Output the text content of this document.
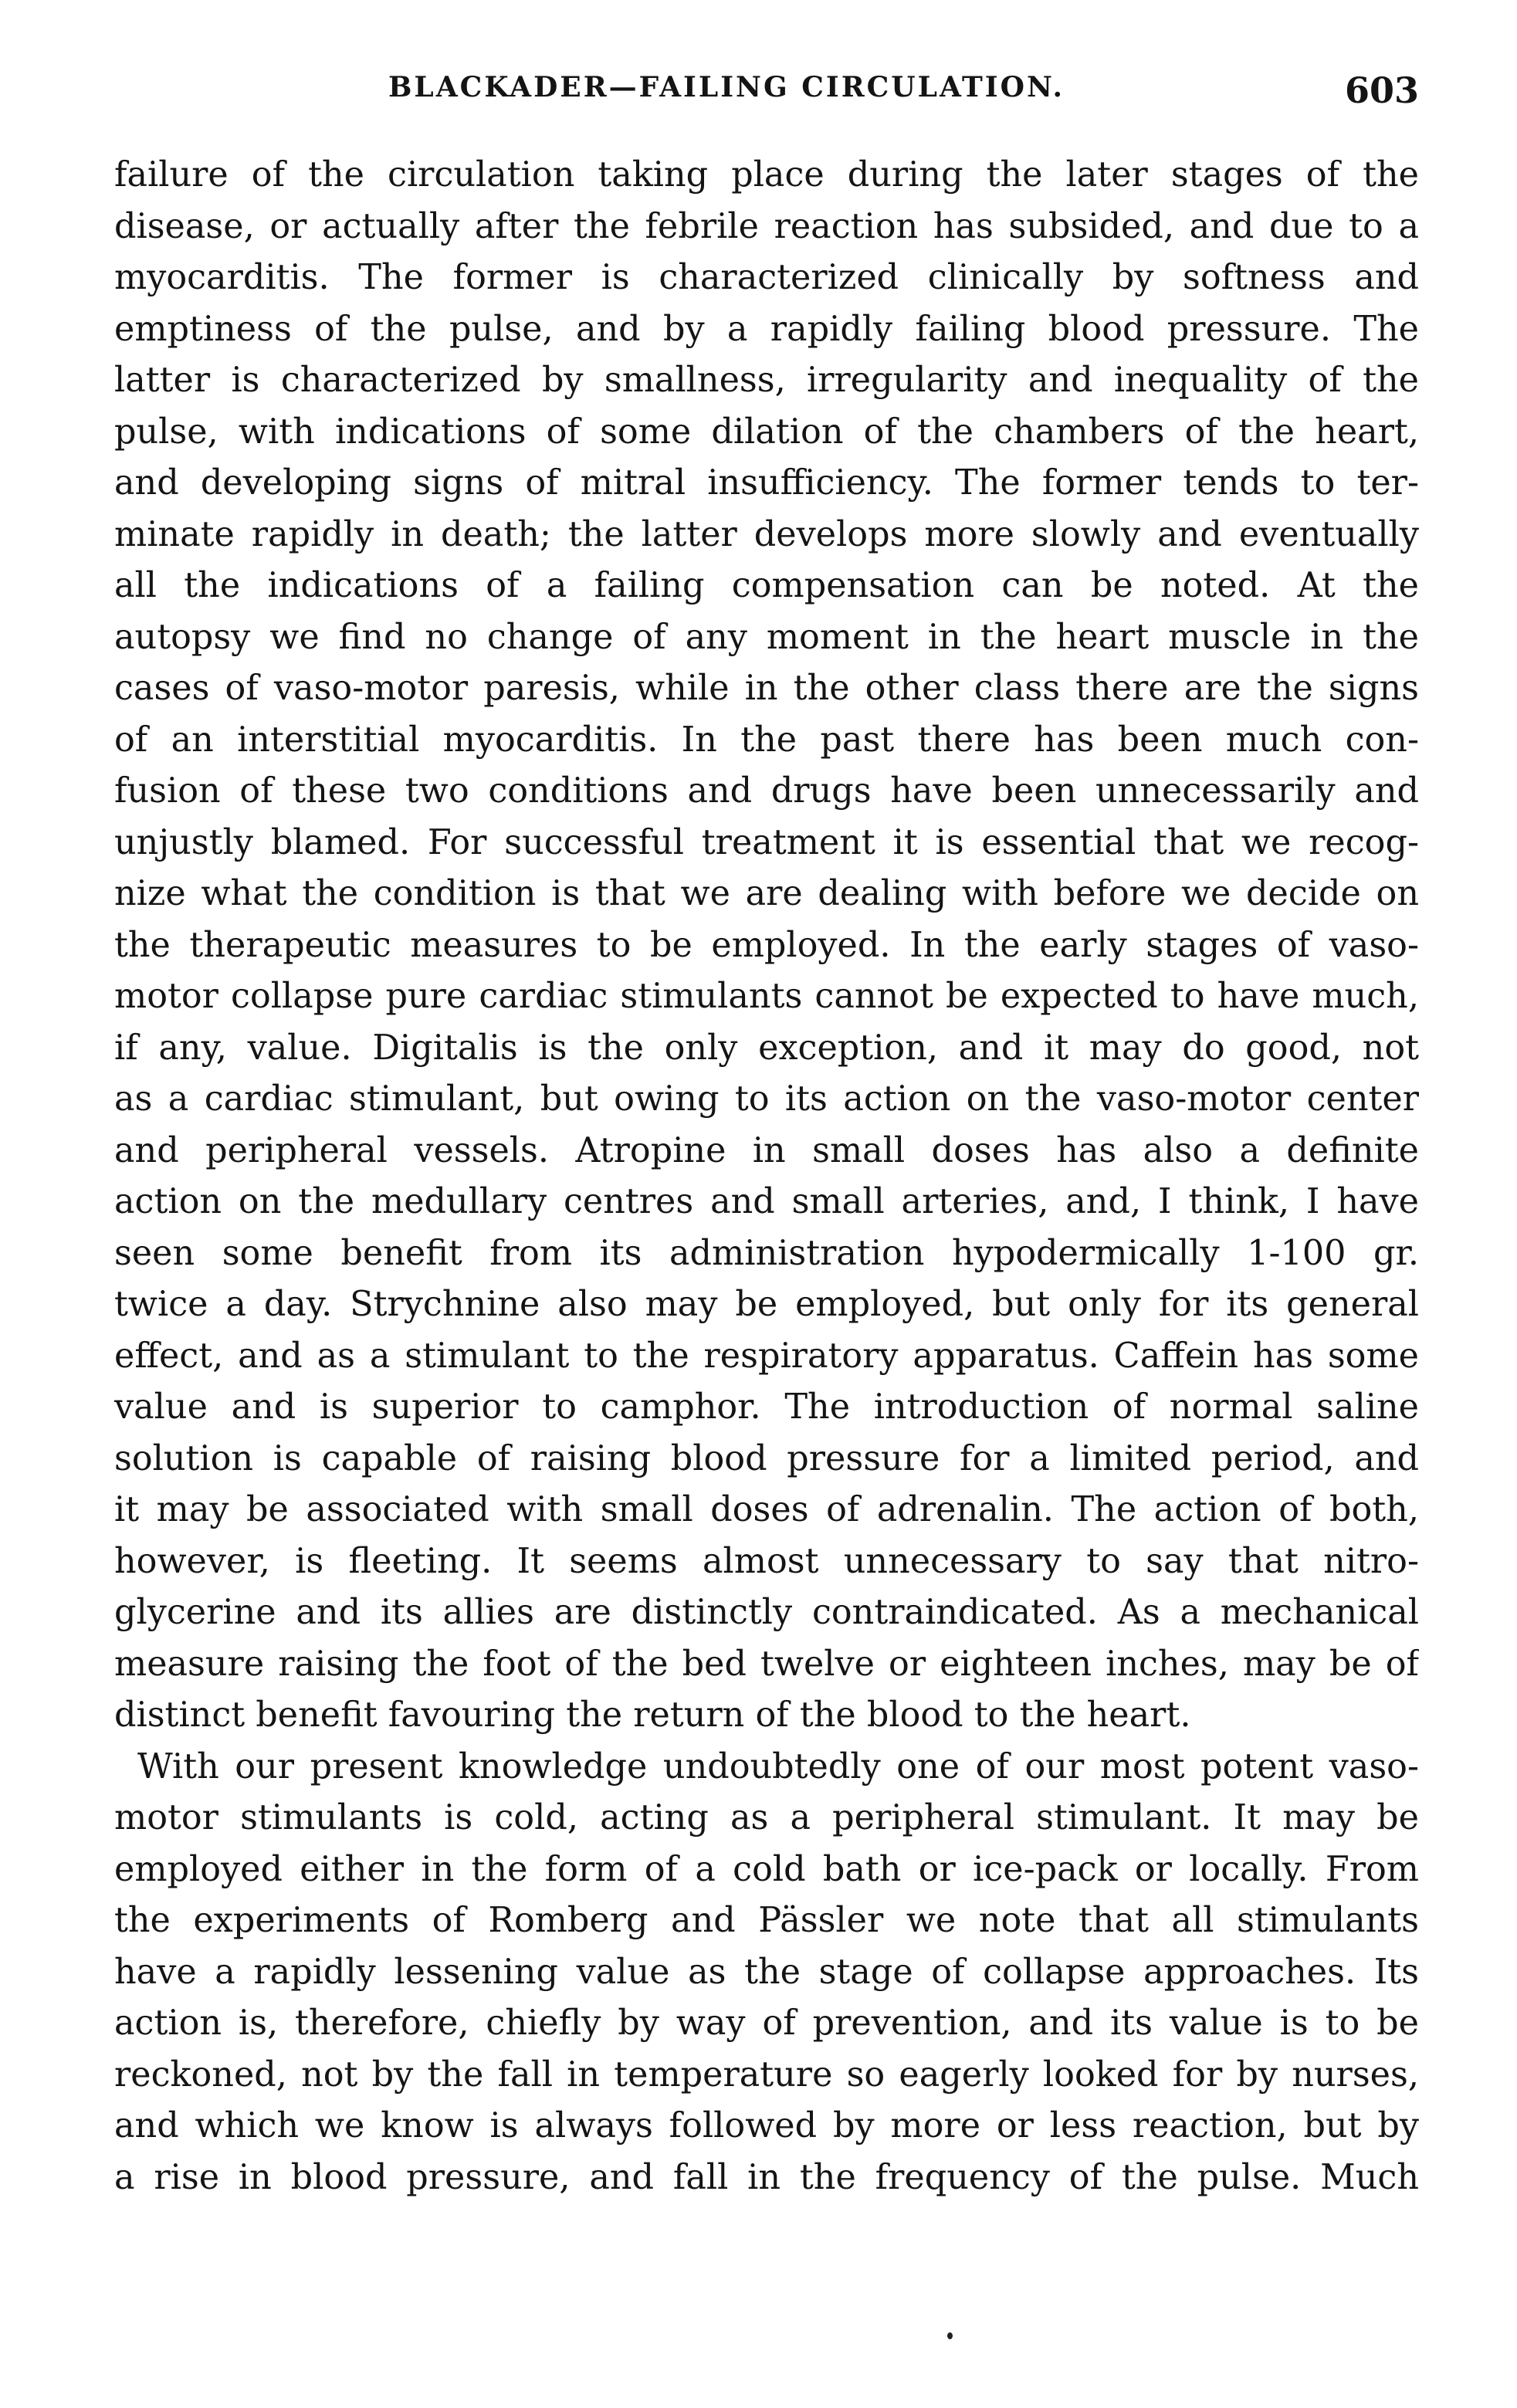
BLACKADER—FAILING CIRCULATION.	603
failure of the circulation taking place during the later stages of the
disease, or actually after the febrile reaction has subsided, and due to a
myocarditis. The former is characterized clinically by softness and
emptiness of the pulse, and by a rapidly failing blood pressure. The
latter is characterized by smallness, irregularity and inequality of the
pulse, with indications of some dilation of the chambers of the heart,
and developing signs of mitral insufficiency. The former tends to ter-
minate rapidly in death; the latter develops more slowly and eventually
all the indications of a failing compensation can be noted. At the
autopsy we find no change of any moment in the heart muscle in the
cases of vaso-motor paresis, while in the other class there are the signs
of an interstitial myocarditis. In the past there has been much con-
fusion of these two conditions and drugs have been unnecessarily and
unjustly blamed. For successful treatment it is essential that we recog-
nize what the condition is that we are dealing with before we decide on
the therapeutic measures to be employed. In the early stages of vaso-
motor collapse pure cardiac stimulants cannot be expected to have much,
if any, value. Digitalis is the only exception, and it may do good, not
as a cardiac stimulant, but owing to its action on the vaso-motor center
and peripheral vessels. Atropine in small doses has also a definite
action on the medullary centres and small arteries, and, I think, I have
seen some benefit from its administration hypodermically 1-100 gr.
twice a day. Strychnine also may be employed, but only for its general
effect, and as a stimulant to the respiratory apparatus. Caffein has some
value and is superior to camphor. The introduction of normal saline
solution is capable of raising blood pressure for a limited period, and
it may be associated with small doses of adrenalin. The action of both,
however, is fleeting. It seems almost unnecessary to say that nitro-
glycerine and its allies are distinctly contraindicated. As a mechanical
measure raising the foot of the bed twelve or eighteen inches, may be of
distinct benefit favouring the return of the blood to the heart.
With our present knowledge undoubtedly one of our most potent vaso-
motor stimulants is cold, acting as a peripheral stimulant. It may be
employed either in the form of a cold bath or ice-pack or locally. From
the experiments of Romberg and Pässler we note that all stimulants
have a rapidly lessening value as the stage of collapse approaches. Its
action is, therefore, chiefly by way of prevention, and its value is to be
reckoned, not by the fall in temperature so eagerly looked for by nurses,
and which we know is always followed by more or less reaction, but by
a rise in blood pressure, and fall in the frequency of the pulse. Much
